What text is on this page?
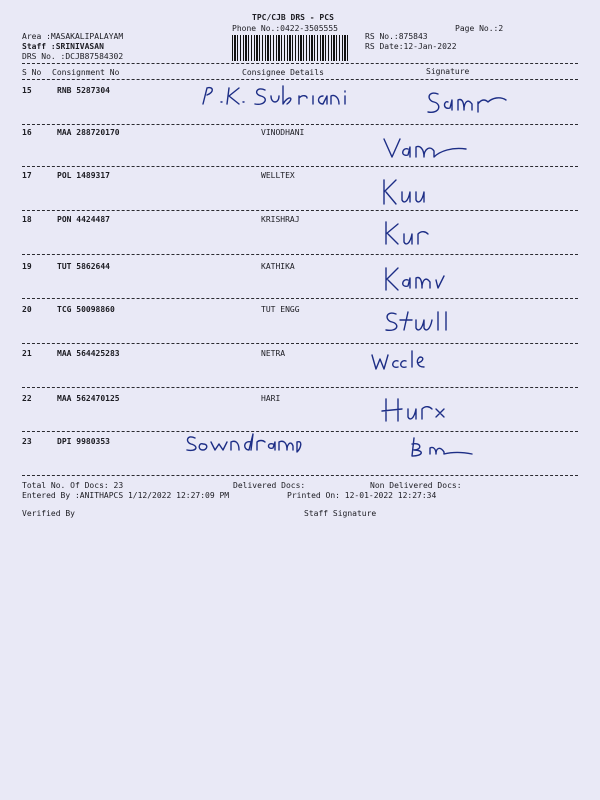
TPC/CJB DRS - PCS
Phone No.:0422-3505555	Page No.:2
Area :MASAKALIPALAYAM
Staff :SRINIVASAN
DRS No. :DCJB87584302
RS No.:875843
RS Date:12-Jan-2022
S No Consignment No	Consignee Details	Signature
15	RNB 5287304
16	MAA 288720170	VINODHANI
17	POL 1489317	WELLTEX
18	PON 4424487	KRISHRAJ
19	TUT 5862644	KATHIKA
20	TCG 50098860	TUT ENGG
21	MAA 564425283	NETRA
22	MAA 562470125	HARI
23	DPI 9980353
Total No. Of Docs: 23	Delivered Docs:	Non Delivered Docs:
Entered By :ANITHAPCS 1/12/2022 12:27:09 PM	Printed On: 12-01-2022 12:27:34
Verified By	Staff Signature
